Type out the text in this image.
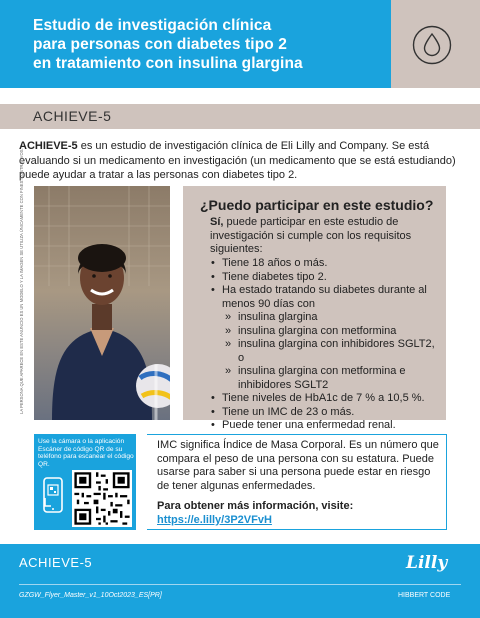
Estudio de investigación clínica
para personas con diabetes tipo 2
en tratamiento con insulina glargina
ACHIEVE-5

ACHIEVE-5 es un estudio de investigación clínica de Eli Lilly and Company. Se está evaluando si un medicamento en investigación (un medicamento que se está estudiando) puede ayudar a tratar a las personas con diabetes tipo 2.

LA PERSONA QUE APARECE EN ESTE ANUNCIO ES UN MODELO Y LA IMAGEN SE UTILIZA ÚNICAMENTE CON FINES ILUSTRATIVOS.	¿Puedo participar en este estudio?

Sí, puede participar en este estudio de investigación si cumple con los requisitos siguientes:

• Tiene 18 años o más.
• Tiene diabetes tipo 2.
• Ha estado tratando su diabetes durante al menos 90 días con
» insulina glargina
» insulina glargina con metformina
» insulina glargina con inhibidores SGLT2, o
» insulina glargina con metformina e inhibidores SGLT2
• Tiene niveles de HbA1c de 7 % a 10,5 %.
• Tiene un IMC de 23 o más.
• Puede tener una enfermedad renal.

Use la cámara o la aplicación Escáner de código QR de su teléfono para escanear el código QR.

IMC significa Índice de Masa Corporal. Es un número que compara el peso de una persona con su estatura. Puede usarse para saber si una persona puede estar en riesgo de tener algunas enfermedades.

Para obtener más información, visite:

https://e.lilly/3P2VFvH
ACHIEVE-5	Lilly
GZGW_Flyer_Master_v1_10Oct2023_ES[PR]	HIBBERT CODE
